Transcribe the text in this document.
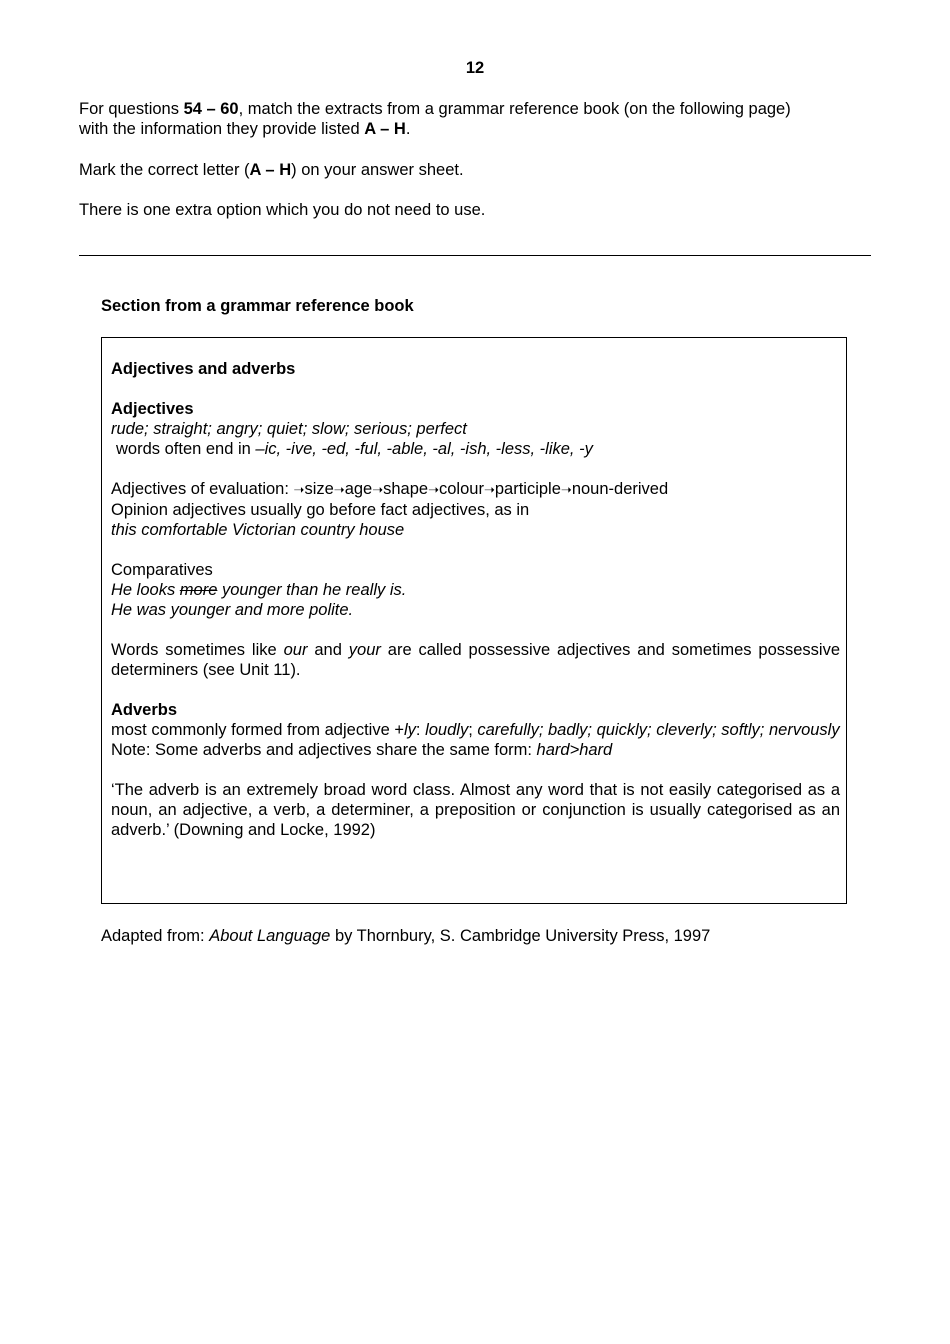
12

For questions 54 – 60, match the extracts from a grammar reference book (on the following page)

with the information they provide listed A – H.

Mark the correct letter (A – H) on your answer sheet.

There is one extra option which you do not need to use.

Section from a grammar reference book

Adjectives and adverbs

Adjectives

rude; straight; angry; quiet; slow; serious; perfect

words often end in –ic, -ive, -ed, -ful, -able, -al, -ish, -less, -like, -y

Adjectives of evaluation: ➝size➝age➝shape➝colour➝participle➝noun-derived

Opinion adjectives usually go before fact adjectives, as in

this comfortable Victorian country house

Comparatives

He looks more younger than he really is.

He was younger and more polite.

Words sometimes like our and your are called possessive adjectives and sometimes possessive determiners (see Unit 11).

Adverbs

most commonly formed from adjective +ly: loudly; carefully; badly; quickly; cleverly; softly; nervously

Note: Some adverbs and adjectives share the same form: hard>hard

‘The adverb is an extremely broad word class. Almost any word that is not easily categorised as a noun, an adjective, a verb, a determiner, a preposition or conjunction is usually categorised as an adverb.’ (Downing and Locke, 1992)

Adapted from: About Language by Thornbury, S. Cambridge University Press, 1997
